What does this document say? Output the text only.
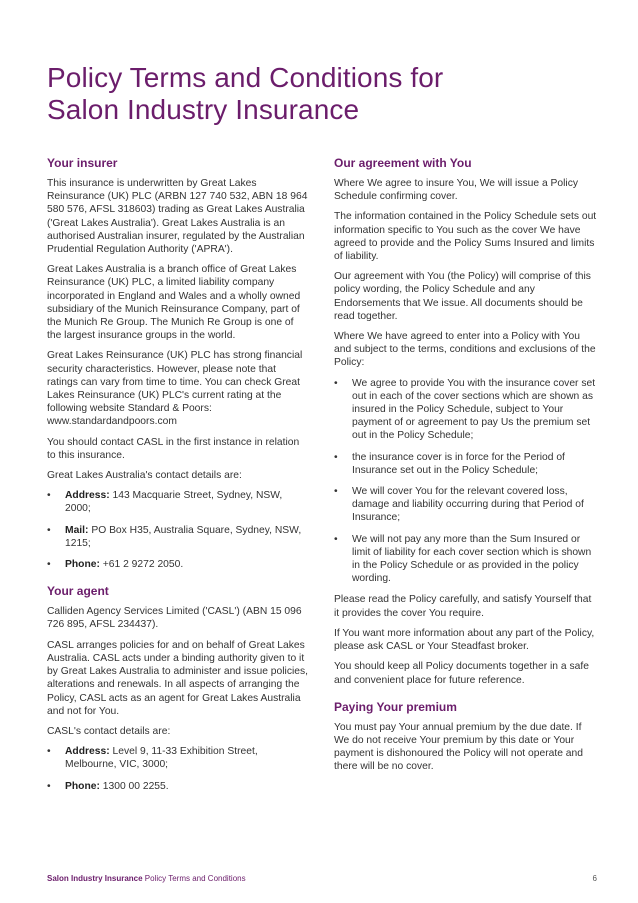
Policy Terms and Conditions for
Salon Industry Insurance
Your insurer

This insurance is underwritten by Great Lakes Reinsurance (UK) PLC (ARBN 127 740 532, ABN 18 964 580 576, AFSL 318603) trading as Great Lakes Australia ('Great Lakes Australia'). Great Lakes Australia is an authorised Australian insurer, regulated by the Australian Prudential Regulation Authority ('APRA').

Great Lakes Australia is a branch office of Great Lakes Reinsurance (UK) PLC, a limited liability company incorporated in England and Wales and a wholly owned subsidiary of the Munich Reinsurance Company, part of the Munich Re Group. The Munich Re Group is one of the largest insurance groups in the world.

Great Lakes Reinsurance (UK) PLC has strong financial security characteristics. However, please note that ratings can vary from time to time. You can check Great Lakes Reinsurance (UK) PLC's current rating at the following website Standard & Poors: www.standardandpoors.com

You should contact CASL in the first instance in relation to this insurance.

Great Lakes Australia's contact details are:

• Address: 143 Macquarie Street, Sydney, NSW, 2000;
• Mail: PO Box H35, Australia Square, Sydney, NSW, 1215;
• Phone: +61 2 9272 2050.
Your agent

Calliden Agency Services Limited ('CASL') (ABN 15 096 726 895, AFSL 234437).

CASL arranges policies for and on behalf of Great Lakes Australia. CASL acts under a binding authority given to it by Great Lakes Australia to administer and issue policies, alterations and renewals. In all aspects of arranging the Policy, CASL acts as an agent for Great Lakes Australia and not for You.

CASL's contact details are:

• Address: Level 9, 11-33 Exhibition Street, Melbourne, VIC, 3000;
• Phone: 1300 00 2255.
Our agreement with You

Where We agree to insure You, We will issue a Policy Schedule confirming cover.

The information contained in the Policy Schedule sets out information specific to You such as the cover We have agreed to provide and the Policy Sums Insured and limits of liability.

Our agreement with You (the Policy) will comprise of this policy wording, the Policy Schedule and any Endorsements that We issue. All documents should be read together.

Where We have agreed to enter into a Policy with You and subject to the terms, conditions and exclusions of the Policy:

• We agree to provide You with the insurance cover set out in each of the cover sections which are shown as insured in the Policy Schedule, subject to Your payment of or agreement to pay Us the premium set out in the Policy Schedule;
• the insurance cover is in force for the Period of Insurance set out in the Policy Schedule;
• We will cover You for the relevant covered loss, damage and liability occurring during that Period of Insurance;
• We will not pay any more than the Sum Insured or limit of liability for each cover section which is shown in the Policy Schedule or as provided in the policy wording.

Please read the Policy carefully, and satisfy Yourself that it provides the cover You require.

If You want more information about any part of the Policy, please ask CASL or Your Steadfast broker.

You should keep all Policy documents together in a safe and convenient place for future reference.

Paying Your premium

You must pay Your annual premium by the due date. If We do not receive Your premium by this date or Your payment is dishonoured the Policy will not operate and there will be no cover.

Salon Industry Insurance Policy Terms and Conditions	6
